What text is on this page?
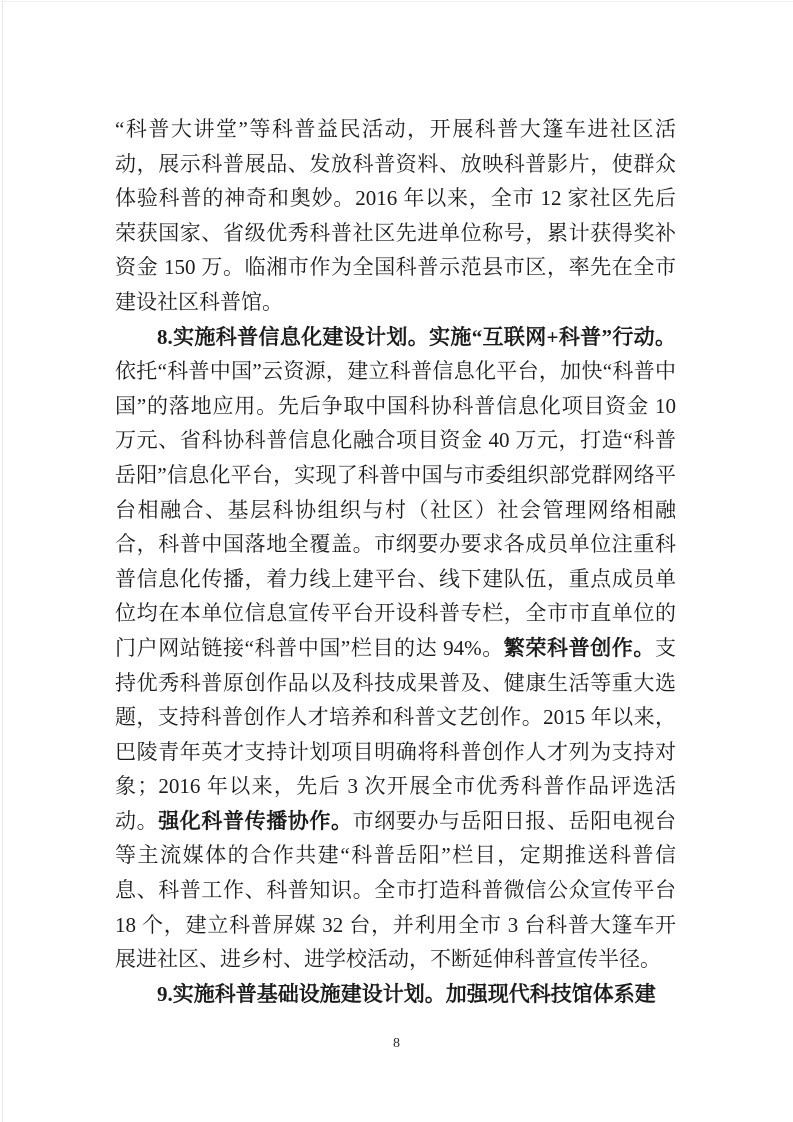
“科普大讲堂”等科普益民活动，开展科普大篷车进社区活动，展示科普展品、发放科普资料、放映科普影片，使群众体验科普的神奇和奥妙。2016 年以来，全市 12 家社区先后荣获国家、省级优秀科普社区先进单位称号，累计获得奖补资金 150 万。临湘市作为全国科普示范县市区，率先在全市建设社区科普馆。

8.实施科普信息化建设计划。实施“互联网+科普”行动。依托“科普中国”云资源，建立科普信息化平台，加快“科普中国”的落地应用。先后争取中国科协科普信息化项目资金 10 万元、省科协科普信息化融合项目资金 40 万元，打造“科普岳阳”信息化平台，实现了科普中国与市委组织部党群网络平台相融合、基层科协组织与村（社区）社会管理网络相融合，科普中国落地全覆盖。市纲要办要求各成员单位注重科普信息化传播，着力线上建平台、线下建队伍，重点成员单位均在本单位信息宣传平台开设科普专栏，全市市直单位的门户网站链接“科普中国”栏目的达 94%。繁荣科普创作。支持优秀科普原创作品以及科技成果普及、健康生活等重大选题，支持科普创作人才培养和科普文艺创作。2015 年以来，巴陵青年英才支持计划项目明确将科普创作人才列为支持对象；2016 年以来，先后 3 次开展全市优秀科普作品评选活动。强化科普传播协作。市纲要办与岳阳日报、岳阳电视台等主流媒体的合作共建“科普岳阳”栏目，定期推送科普信息、科普工作、科普知识。全市打造科普微信公众宣传平台 18 个，建立科普屏媒 32 台，并利用全市 3 台科普大篷车开展进社区、进乡村、进学校活动，不断延伸科普宣传半径。

9.实施科普基础设施建设计划。加强现代科技馆体系建

8
